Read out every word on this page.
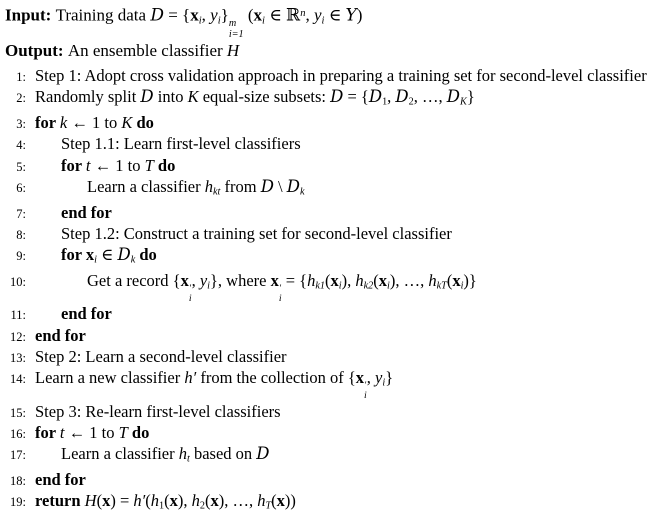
Input: Training data $D = \{x_i$, $y_i$} m
i=1
($x_i$ ∈ ℝ$^n$, $y_i$ ∈ Y)
Output: An ensemble classifier H
1: Step 1: Adopt cross validation approach in preparing a training set for second-level classifier
2: Randomly split D into K equal-size subsets: $D = \{D_1$, $D_2$, …, $D_K$}
3: for k ← 1 to K do
4: Step 1.1: Learn first-level classifiers
5: for t ← 1 to T do
6:	Learn a classifier $h_{kt}$ from D \ $D_k$
7: end for
8: Step 1.2: Construct a training set for second-level classifier
9: for $x_i$ ∈ $D_k$ do
10:	Get a record {x ′
i
, $y_i$}, where x ′
i
= {$h_{k1}(x_i)$, $h_{k2}(x_i)$, …, $h_{kT}(x_i)$}
11: end for
12: end for
13: Step 2: Learn a second-level classifier
14: Learn a new classifier h′ from the collection of {x ′
i
, $y_i$}
15: Step 3: Re-learn first-level classifiers
16: for t ← 1 to T do
17: Learn a classifier $h_t$ based on D
18: end for
19: return $H(x) = h'(h_1(x)$, $h_2(x)$, …, $h_T(x)$)
